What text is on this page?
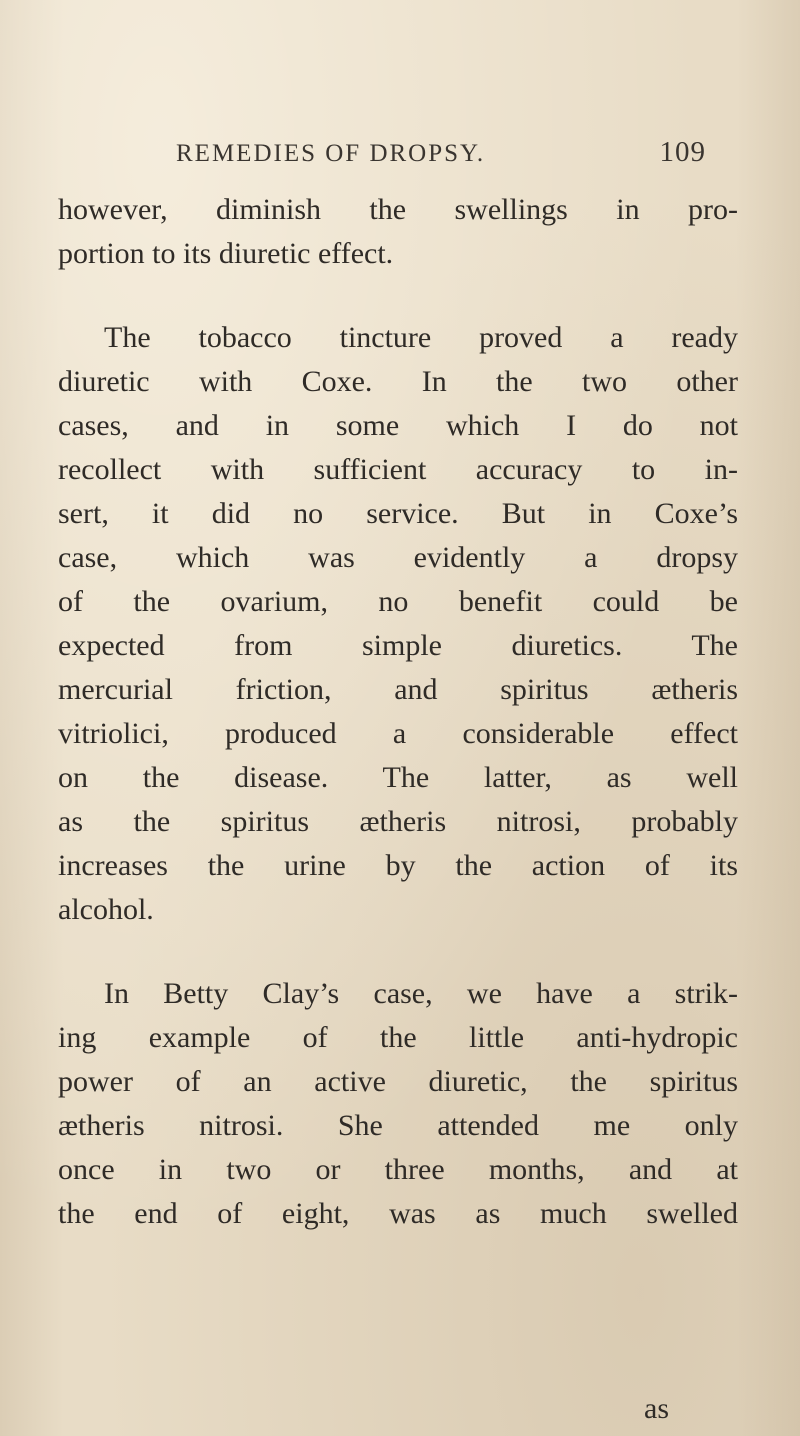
REMEDIES OF DROPSY.	109
however, diminish the swellings in pro-
portion to its diuretic effect.
The tobacco tincture proved a ready
diuretic with Coxe. In the two other
cases, and in some which I do not
recollect with sufficient accuracy to in-
sert, it did no service. But in Coxe’s
case, which was evidently a dropsy
of the ovarium, no benefit could be
expected from simple diuretics. The
mercurial friction, and spiritus ætheris
vitriolici, produced a considerable effect
on the disease. The latter, as well
as the spiritus ætheris nitrosi, probably
increases the urine by the action of its
alcohol.
In Betty Clay’s case, we have a strik-
ing example of the little anti-hydropic
power of an active diuretic, the spiritus
ætheris nitrosi. She attended me only
once in two or three months, and at
the end of eight, was as much swelled
as
